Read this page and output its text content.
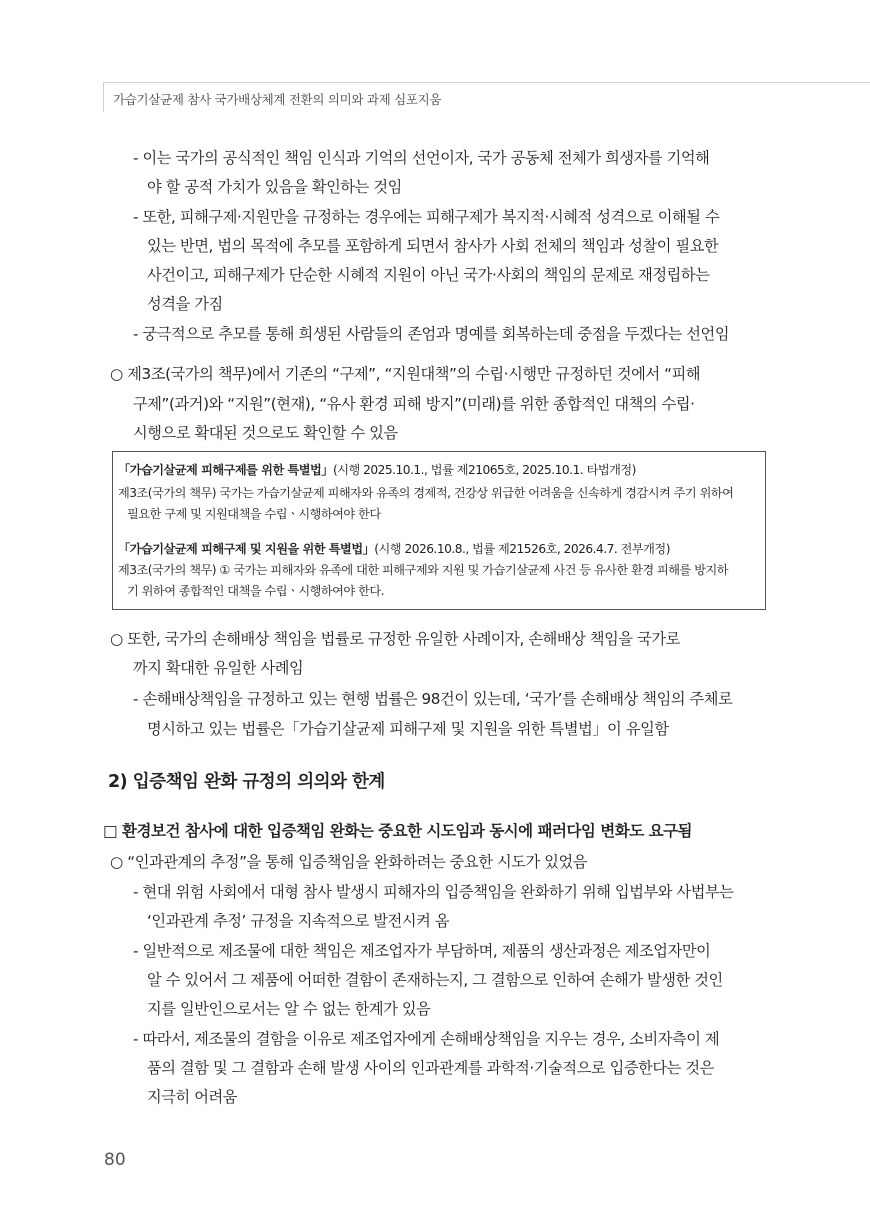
가습기살균제 참사 국가배상체계 전환의 의미와 과제 심포지움
- 이는 국가의 공식적인 책임 인식과 기억의 선언이자, 국가 공동체 전체가 희생자를 기억해
야 할 공적 가치가 있음을 확인하는 것임
- 또한, 피해구제·지원만을 규정하는 경우에는 피해구제가 복지적·시혜적 성격으로 이해될 수
있는 반면, 법의 목적에 추모를 포함하게 되면서 참사가 사회 전체의 책임과 성찰이 필요한
사건이고, 피해구제가 단순한 시혜적 지원이 아닌 국가·사회의 책임의 문제로 재정립하는
성격을 가짐
- 궁극적으로 추모를 통해 희생된 사람들의 존엄과 명예를 회복하는데 중점을 두겠다는 선언임
○ 제3조(국가의 책무)에서 기존의 “구제”, “지원대책”의 수립·시행만 규정하던 것에서 “피해
구제”(과거)와 “지원”(현재), “유사 환경 피해 방지”(미래)를 위한 종합적인 대책의 수립·
시행으로 확대된 것으로도 확인할 수 있음
「가습기살균제 피해구제를 위한 특별법」(시행 2025.10.1., 법률 제21065호, 2025.10.1. 타법개정)
제3조(국가의 책무) 국가는 가습기살균제 피해자와 유족의 경제적, 건강상 위급한 어려움을 신속하게 경감시켜 주기 위하여
필요한 구제 및 지원대책을 수립ㆍ시행하여야 한다
「가습기살균제 피해구제 및 지원을 위한 특별법」(시행 2026.10.8., 법률 제21526호, 2026.4.7. 전부개정)
제3조(국가의 책무) ① 국가는 피해자와 유족에 대한 피해구제와 지원 및 가습기살균제 사건 등 유사한 환경 피해를 방지하
기 위하여 종합적인 대책을 수립ㆍ시행하여야 한다.
○ 또한, 국가의 손해배상 책임을 법률로 규정한 유일한 사례이자, 손해배상 책임을 국가로
까지 확대한 유일한 사례임
- 손해배상책임을 규정하고 있는 현행 법률은 98건이 있는데, ‘국가’를 손해배상 책임의 주체로
명시하고 있는 법률은「가습기살균제 피해구제 및 지원을 위한 특별법」이 유일함
2) 입증책임 완화 규정의 의의와 한계
□ 환경보건 참사에 대한 입증책임 완화는 중요한 시도임과 동시에 패러다임 변화도 요구됨
○ “인과관계의 추정”을 통해 입증책임을 완화하려는 중요한 시도가 있었음
- 현대 위험 사회에서 대형 참사 발생시 피해자의 입증책임을 완화하기 위해 입법부와 사법부는
‘인과관계 추정’ 규정을 지속적으로 발전시켜 옴
- 일반적으로 제조물에 대한 책임은 제조업자가 부담하며, 제품의 생산과정은 제조업자만이
알 수 있어서 그 제품에 어떠한 결함이 존재하는지, 그 결함으로 인하여 손해가 발생한 것인
지를 일반인으로서는 알 수 없는 한계가 있음
- 따라서, 제조물의 결함을 이유로 제조업자에게 손해배상책임을 지우는 경우, 소비자측이 제
품의 결함 및 그 결함과 손해 발생 사이의 인과관계를 과학적·기술적으로 입증한다는 것은
지극히 어려움
80
